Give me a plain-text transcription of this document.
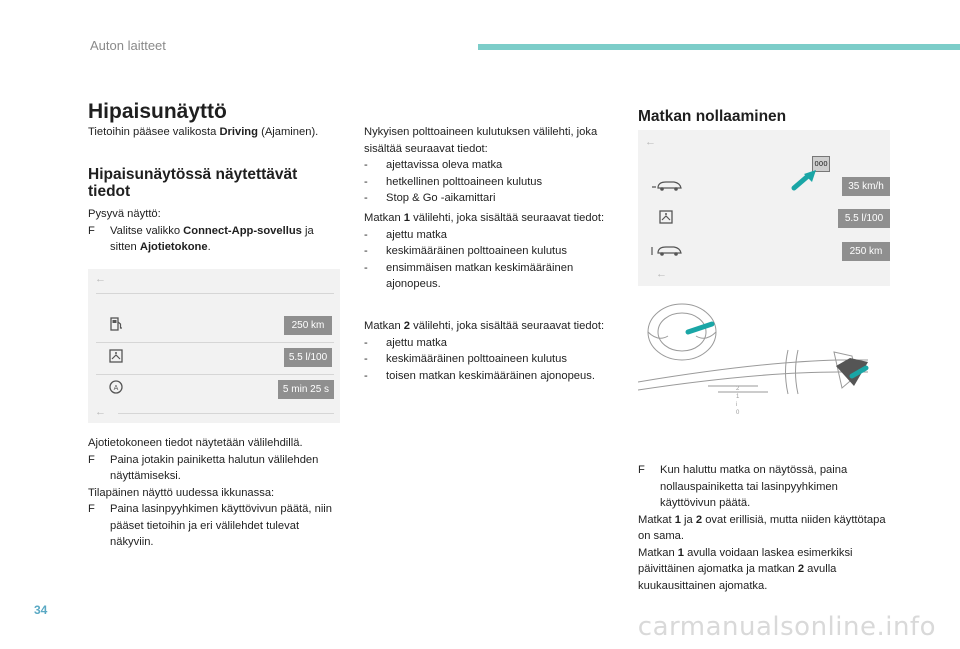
Auton laitteet
Hipaisunäyttö

Tietoihin pääsee valikosta Driving (Ajaminen).

Hipaisunäytössä näytettävät tiedot

Pysyvä näyttö:

F Valitse valikko Connect-App-sovellus ja sitten Ajotietokone.
←
250 km
5.5 l/100
A	5 min 25 s
←

Ajotietokoneen tiedot näytetään välilehdillä.

F Paina jotakin painiketta halutun välilehden näyttämiseksi.

Tilapäinen näyttö uudessa ikkunassa:

F Paina lasinpyyhkimen käyttövivun päätä, niin pääset tietoihin ja eri välilehdet tulevat näkyviin.

Nykyisen polttoaineen kulutuksen välilehti, joka sisältää seuraavat tiedot:

- ajettavissa oleva matka
- hetkellinen polttoaineen kulutus
- Stop & Go -aikamittari

Matkan 1 välilehti, joka sisältää seuraavat tiedot:

- ajettu matka
- keskimääräinen polttoaineen kulutus
- ensimmäisen matkan keskimääräinen ajonopeus.

Matkan 2 välilehti, joka sisältää seuraavat tiedot:

- ajettu matka
- keskimääräinen polttoaineen kulutus
- toisen matkan keskimääräinen ajonopeus.
Matkan nollaaminen
←
000
35 km/h
5.5 l/100
250 km
←
2
1
i
0
F Kun haluttu matka on näytössä, paina nollauspainiketta tai lasinpyyhkimen käyttövivun päätä.

Matkat 1 ja 2 ovat erillisiä, mutta niiden käyttötapa on sama.

Matkan 1 avulla voidaan laskea esimerkiksi päivittäinen ajomatka ja matkan 2 avulla kuukausittainen ajomatka.

34
carmanualsonline.info
